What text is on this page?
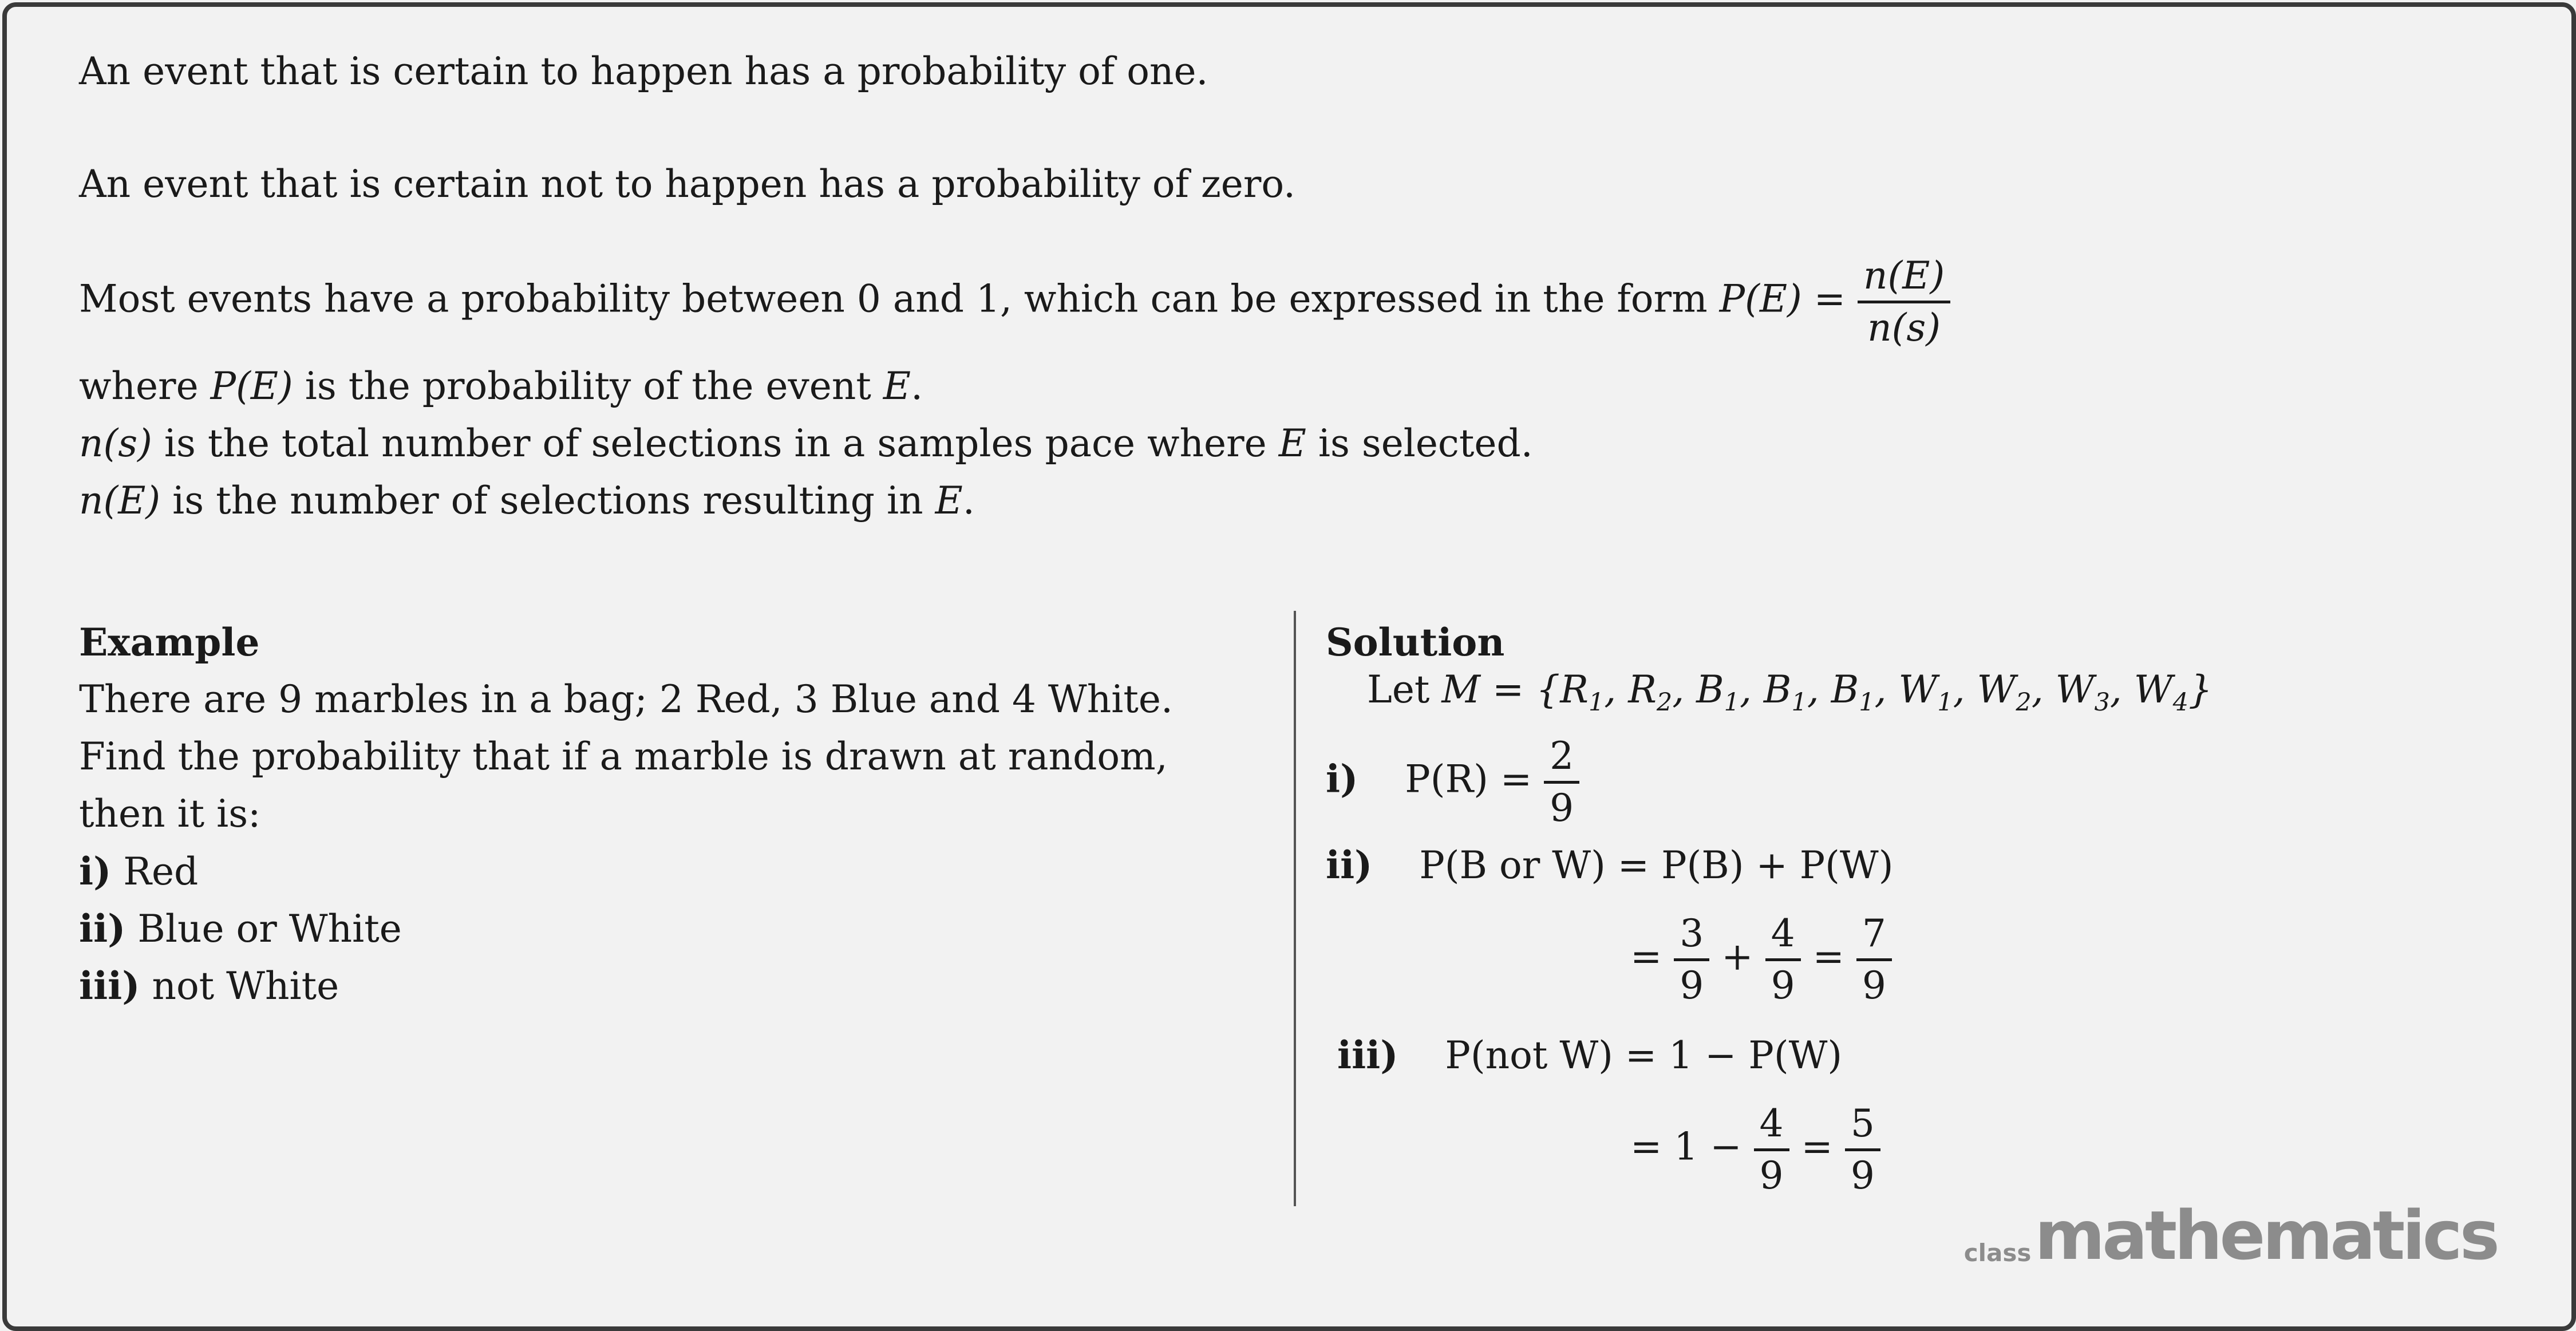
An event that is certain to happen has a probability of one.
An event that is certain not to happen has a probability of zero.
Most events have a probability between 0 and 1, which can be expressed in the form $P(E) = \frac{n(E)}{n(s)}$
where P(E) is the probability of the event E.
n(s) is the total number of selections in a samples pace where E is selected.
n(E) is the number of selections resulting in E.
Example
There are 9 marbles in a bag; 2 Red, 3 Blue and 4 White.
Find the probability that if a marble is drawn at random,
then it is:
i) Red
ii) Blue or White
iii) not White
Solution
Let $M = \{R_1$, $R_2$, $B_1$, $B_1$, $B_1$, $W_1$, $W_2$, $W_3$, $W_4$}
i) $P(R) = \frac{2}{9}$
ii) P(B or W) = P(B) + P(W)
= $\frac{3}{9} + \frac{4}{9} = \frac{7}{9}$
iii) P(not W) = 1 − P(W)
= $1 - \frac{4}{9} = \frac{5}{9}$
class mathematics
